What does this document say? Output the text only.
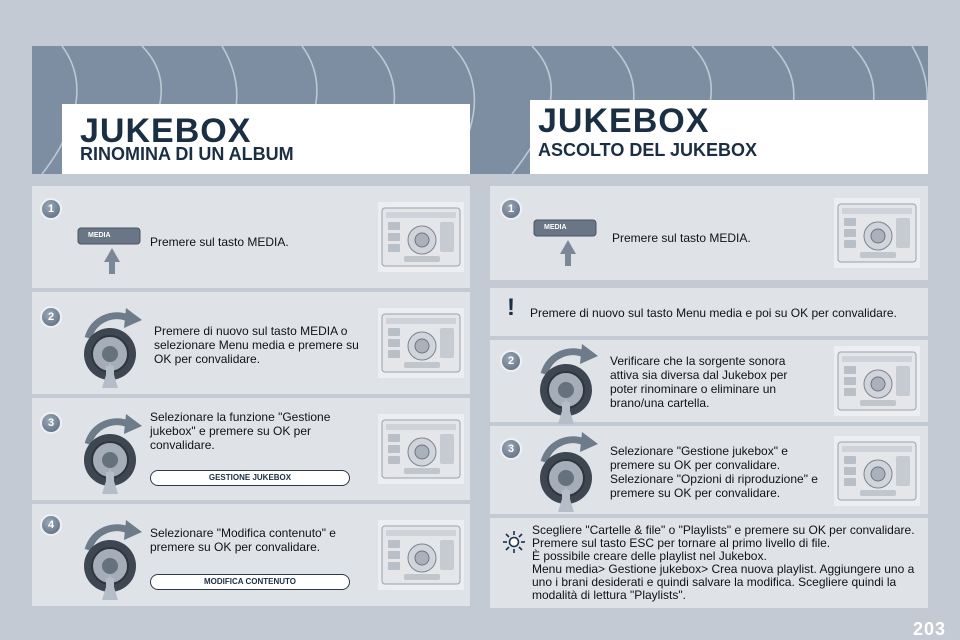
JUKEBOX
RINOMINA DI UN ALBUM
JUKEBOX
ASCOLTO DEL JUKEBOX
1
MEDIA	Premere sul tasto MEDIA.
2
Premere di nuovo sul tasto MEDIA o selezionare Menu media e premere su OK per convalidare.
3	Selezionare la funzione "Gestione jukebox" e premere su OK per convalidare.
GESTIONE JUKEBOX
4
Selezionare "Modifica contenuto" e premere su OK per convalidare.
MODIFICA CONTENUTO
1
MEDIA
Premere sul tasto MEDIA.
!	Premere di nuovo sul tasto Menu media e poi su OK per convalidare.
2	Verificare che la sorgente sonora attiva sia diversa dal Jukebox per poter rinominare o eliminare un brano/una cartella.
3	Selezionare "Gestione jukebox" e premere su OK per convalidare. Selezionare "Opzioni di riproduzione" e premere su OK per convalidare.
Scegliere "Cartelle & file" o "Playlists" e premere su OK per convalidare.
Premere sul tasto ESC per tornare al primo livello di file.
È possibile creare delle playlist nel Jukebox.
Menu media> Gestione jukebox> Crea nuova playlist. Aggiungere uno a uno i brani desiderati e quindi salvare la modifica. Scegliere quindi la modalità di lettura "Playlists".
203
